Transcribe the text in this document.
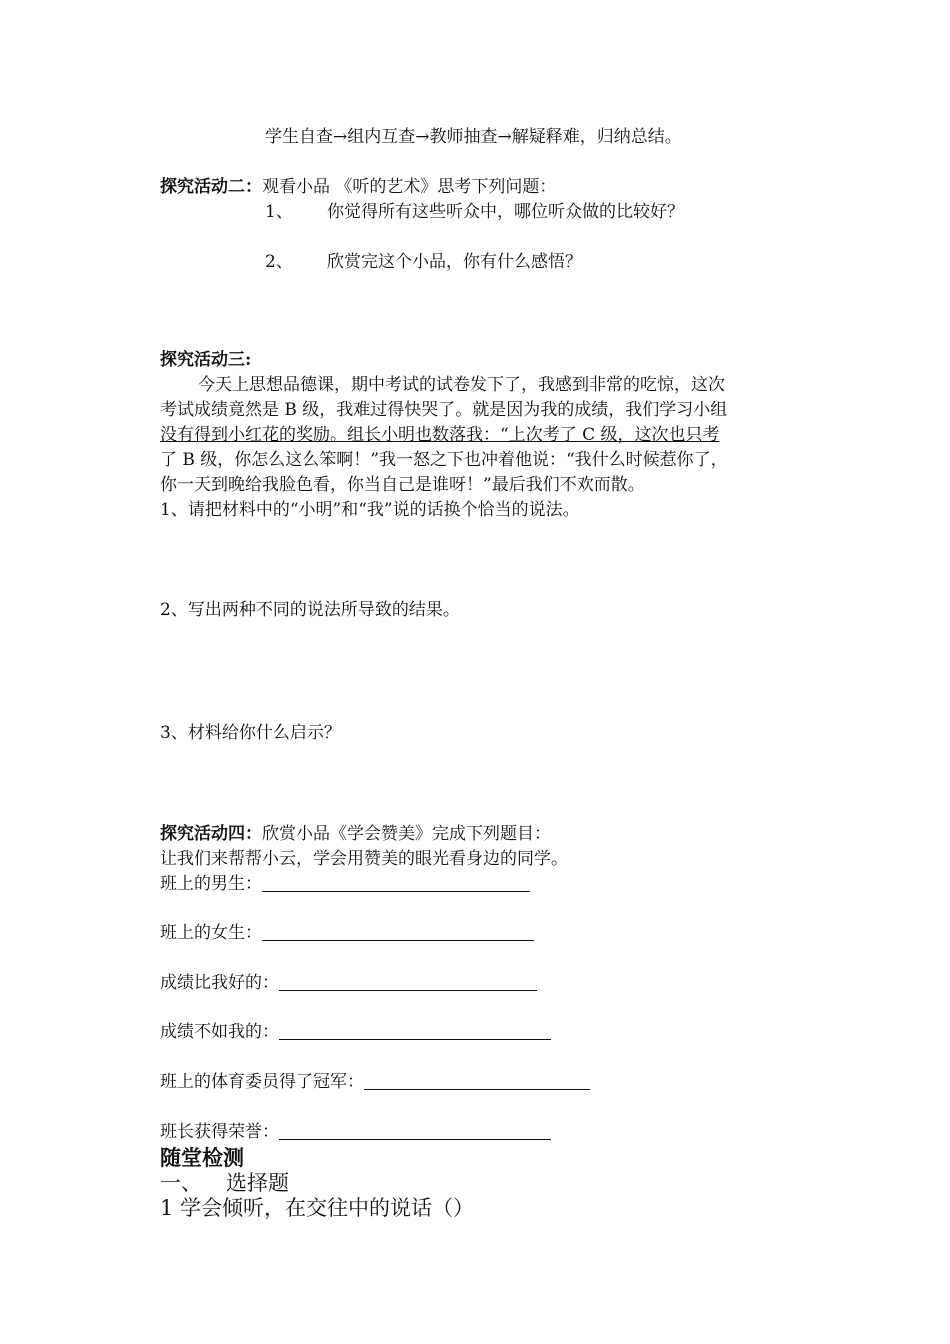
学生自查→组内互查→教师抽查→解疑释难，归纳总结。
探究活动二：观看小品 《听的艺术》思考下列问题：
1、 你觉得所有这些听众中，哪位听众做的比较好？
2、 欣赏完这个小品，你有什么感悟？
探究活动三:
今天上思想品德课，期中考试的试卷发下了，我感到非常的吃惊，这次
考试成绩竟然是 B 级，我难过得快哭了。就是因为我的成绩，我们学习小组
没有得到小红花的奖励。组长小明也数落我：“上次考了 C 级，这次也只考
了 B 级，你怎么这么笨啊！”我一怒之下也冲着他说：“我什么时候惹你了，
你一天到晚给我脸色看，你当自己是谁呀！”最后我们不欢而散。
1、请把材料中的“小明”和“我”说的话换个恰当的说法。
2、写出两种不同的说法所导致的结果。
3、材料给你什么启示？
探究活动四：欣赏小品《学会赞美》完成下列题目：
让我们来帮帮小云，学会用赞美的眼光看身边的同学。
班上的男生：
班上的女生：
成绩比我好的：
成绩不如我的：
班上的体育委员得了冠军：
班长获得荣誉：
随堂检测
一、 选择题
1 学会倾听，在交往中的说话（）
